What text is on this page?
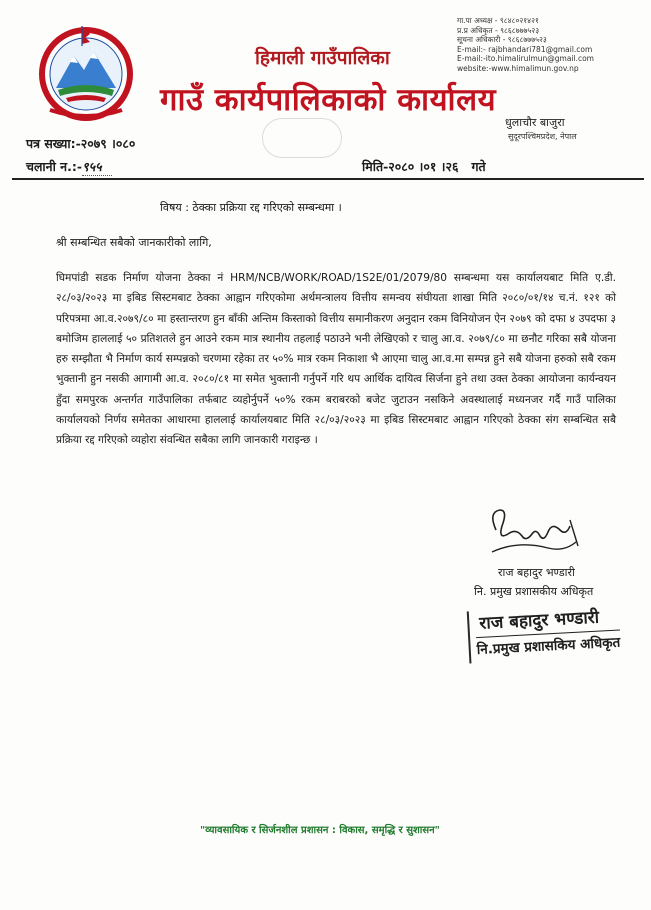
हिमाली गाउँपालिका
गाउँ कार्यपालिकाको कार्यालय
गा.पा अध्यक्ष - ९८४८०२१४२१
प्र.प्र अधिकृत - ९८६८७७७५२३
सूचना अधिकारी - ९८६८७७७५२३
E-mail:- rajbhandari781@gmail.com
E-mail:-ito.himalirulmun@gmail.com
website:-www.himalimun.gov.np
धुलाचौर बाजुरा
सुदूरपश्चिमप्रदेश, नेपाल
पत्र सख्या:-२०७९ ।०८०
चलानी न.:-९५५	मिति-२०८० ।०१ ।२६ गते
विषय : ठेक्का प्रक्रिया रद्द गरिएको सम्बन्धमा ।
श्री सम्बन्धित सबैको जानकारीको लागि,
घिमपांडी सडक निर्माण योजना ठेक्का नं HRM/NCB/WORK/ROAD/1S2E/01/2079/80 सम्बन्धमा यस कार्यालयबाट मिति ए.डी. २८/०३/२०२३ मा इबिड सिस्टमबाट ठेक्का आह्वान गरिएकोमा अर्थमन्त्रालय वित्तीय समन्वय संघीयता शाखा मिति २०८०/०१/१४ च.नं. १२१ को परिपत्रमा आ.व.२०७९/८० मा हस्तान्तरण हुन बाँकी अन्तिम किस्ताको वित्तीय समानीकरण अनुदान रकम विनियोजन ऐन २०७९ को दफा ४ उपदफा ३ बमोजिम हाललाई ५० प्रतिशतले हुन आउने रकम मात्र स्थानीय तहलाई पठाउने भनी लेखिएको र चालु आ.व. २०७९/८० मा छनौट गरिका सबै योजना हरु सम्झौता भै निर्माण कार्य सम्पन्नको चरणमा रहेका तर ५०% मात्र रकम निकाशा भै आएमा चालु आ.व.मा सम्पन्न हुने सबै योजना हरुको सबै रकम भुक्तानी हुन नसकी आगामी आ.व. २०८०/८१ मा समेत भुक्तानी गर्नुपर्ने गरि थप आर्थिक दायित्व सिर्जना हुने तथा उक्त ठेक्का आयोजना कार्यन्वयन हुँदा समपुरक अन्तर्गत गाउँपालिका तर्फबाट व्यहोर्नुपर्ने ५०% रकम बराबरको बजेट जुटाउन नसकिने अवस्थालाई मध्यनजर गर्दै गाउँ पालिका कार्यालयको निर्णय समेतका आधारमा हाललाई कार्यालयबाट मिति २८/०३/२०२३ मा इबिड सिस्टमबाट आह्वान गरिएको ठेक्का संग सम्बन्धित सबै प्रक्रिया रद्द गरिएको व्यहोरा संवन्धित सबैका लागि जानकारी गराइन्छ ।
राज बहादुर भण्डारी
नि. प्रमुख प्रशासकीय अधिकृत
राज बहादुर भण्डारी
नि.प्रमुख प्रशासकिय अधिकृत
"व्यावसायिक र सिर्जनशील प्रशासन : विकास, समृद्धि र सुशासन"
